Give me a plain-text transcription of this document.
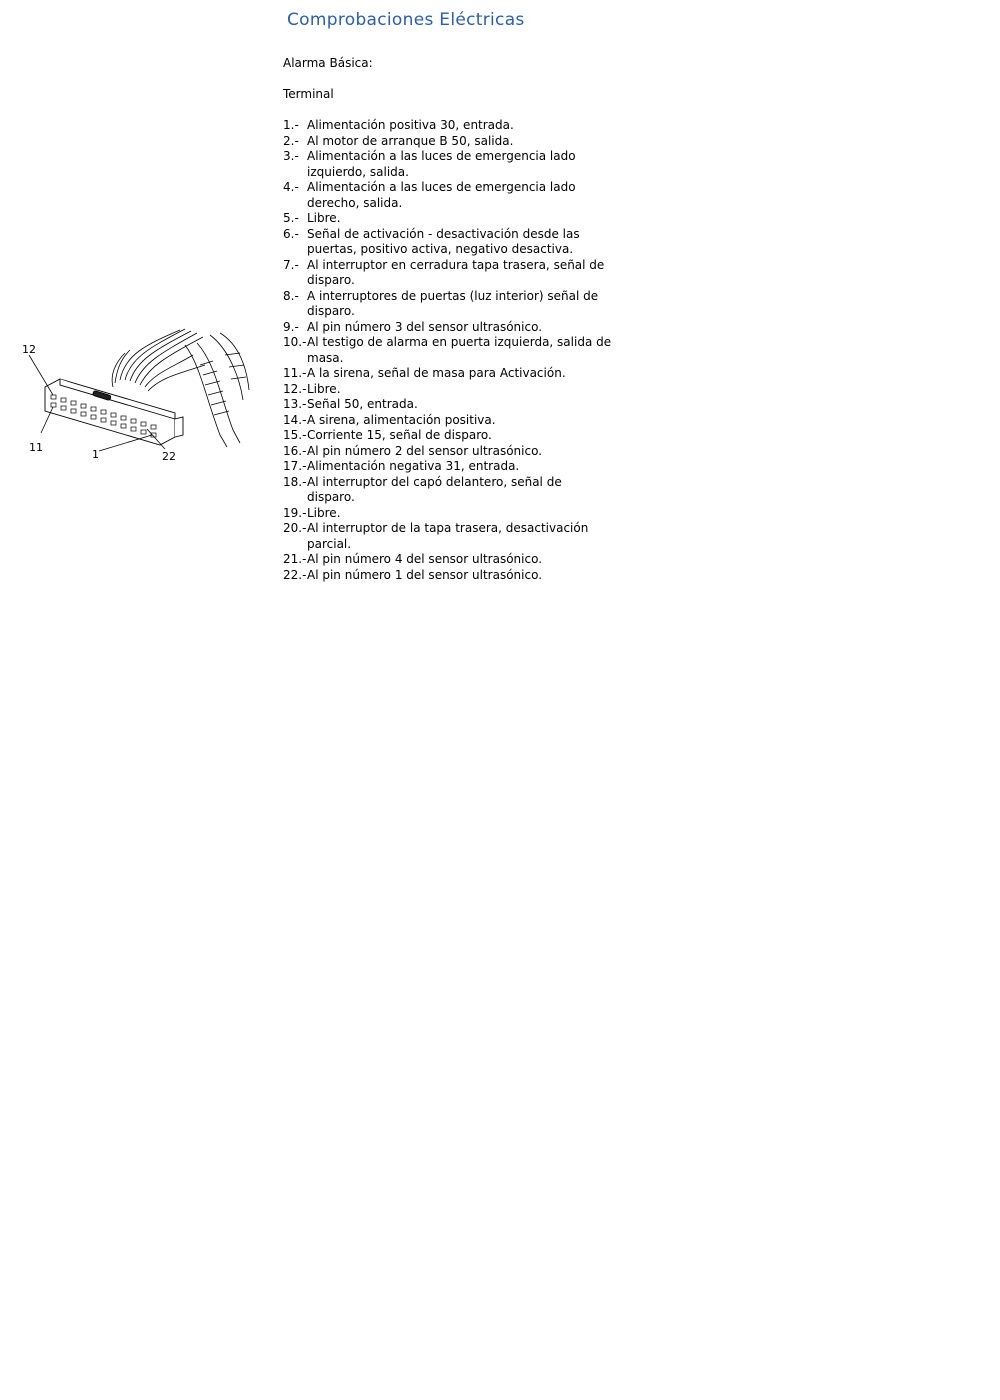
Comprobaciones Eléctricas
Alarma Básica:
Terminal
1.- Alimentación positiva 30, entrada.
2.- Al motor de arranque B 50, salida.
3.- Alimentación a las luces de emergencia lado izquierdo, salida.
4.- Alimentación a las luces de emergencia lado derecho, salida.
5.- Libre.
6.- Señal de activación - desactivación desde las puertas, positivo activa, negativo desactiva.
7.- Al interruptor en cerradura tapa trasera, señal de disparo.
8.- A interruptores de puertas (luz interior) señal de disparo.
9.- Al pin número 3 del sensor ultrasónico.
10.- Al testigo de alarma en puerta izquierda, salida de masa.
11.- A la sirena, señal de masa para Activación.
12.- Libre.
13.- Señal 50, entrada.
14.- A sirena, alimentación positiva.
15.- Corriente 15, señal de disparo.
16.- Al pin número 2 del sensor ultrasónico.
17.- Alimentación negativa 31, entrada.
18.- Al interruptor del capó delantero, señal de disparo.
19.- Libre.
20.- Al interruptor de la tapa trasera, desactivación parcial.
21.- Al pin número 4 del sensor ultrasónico.
22.- Al pin número 1 del sensor ultrasónico.
12
11
1	22
